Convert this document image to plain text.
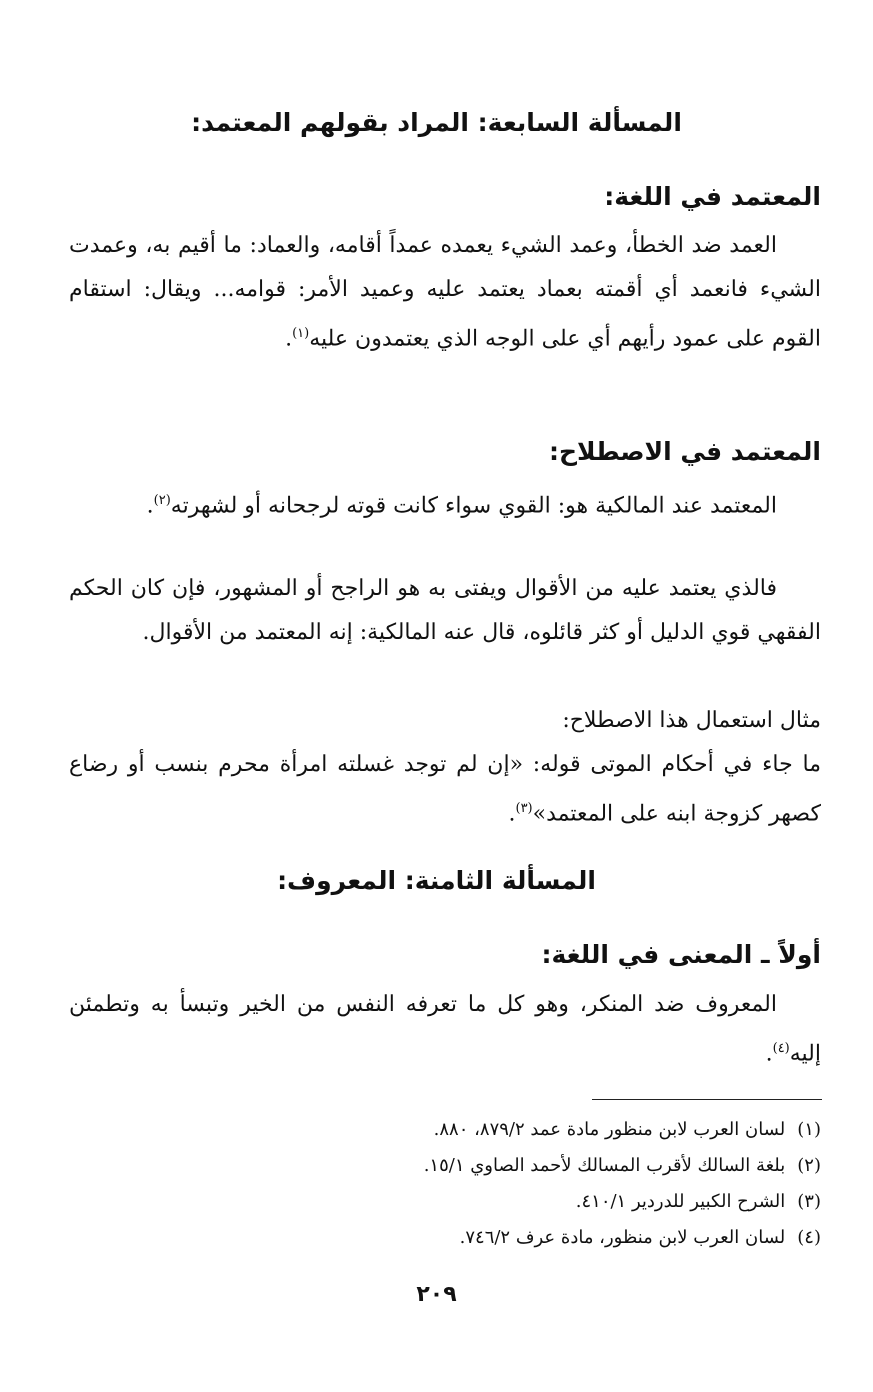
المسألة السابعة: المراد بقولهم المعتمد:
المعتمد في اللغة:

العمد ضد الخطأ، وعمد الشيء يعمده عمداً أقامه، والعماد: ما أقيم به، وعمدت الشيء فانعمد أي أقمته بعماد يعتمد عليه وعميد الأمر: قوامه... ويقال: استقام القوم على عمود رأيهم أي على الوجه الذي يعتمدون عليه$^{(١)}$.

المعتمد في الاصطلاح:

المعتمد عند المالكية هو: القوي سواء كانت قوته لرجحانه أو لشهرته$^{(٢)}$.

فالذي يعتمد عليه من الأقوال ويفتى به هو الراجح أو المشهور، فإن كان الحكم الفقهي قوي الدليل أو كثر قائلوه، قال عنه المالكية: إنه المعتمد من الأقوال.

مثال استعمال هذا الاصطلاح:

ما جاء في أحكام الموتى قوله: «إن لم توجد غسلته امرأة محرم بنسب أو رضاع كصهر كزوجة ابنه على المعتمد»$^{(٣)}$.

المسألة الثامنة: المعروف:
أولاً ـ المعنى في اللغة:

المعروف ضد المنكر، وهو كل ما تعرفه النفس من الخير وتبسأ به وتطمئن إليه$^{(٤)}$.

(١)لسان العرب لابن منظور مادة عمد ٨٧٩/٢، ٨٨٠.
(٢)بلغة السالك لأقرب المسالك لأحمد الصاوي ١٥/١.
(٣)الشرح الكبير للدردير ٤١٠/١.
(٤)لسان العرب لابن منظور، مادة عرف ٧٤٦/٢.
٢٠٩
